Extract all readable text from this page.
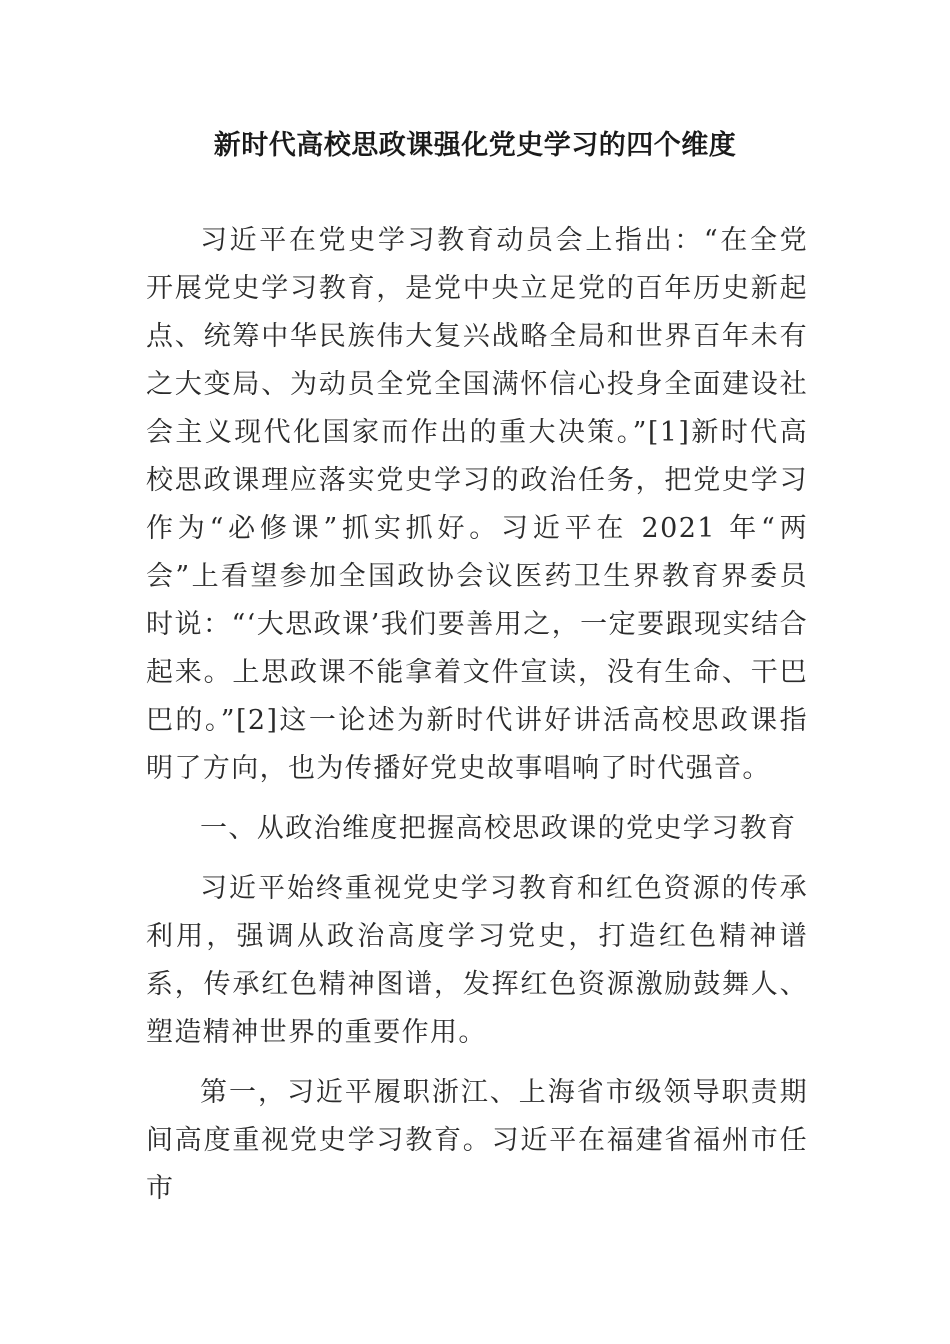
新时代高校思政课强化党史学习的四个维度

习近平在党史学习教育动员会上指出：“在全党开展党史学习教育，是党中央立足党的百年历史新起点、统筹中华民族伟大复兴战略全局和世界百年未有之大变局、为动员全党全国满怀信心投身全面建设社会主义现代化国家而作出的重大决策。”[1]新时代高校思政课理应落实党史学习的政治任务，把党史学习作为“必修课”抓实抓好。习近平在 2021 年“两会”上看望参加全国政协会议医药卫生界教育界委员时说：“‘大思政课’我们要善用之，一定要跟现实结合起来。上思政课不能拿着文件宣读，没有生命、干巴巴的。”[2]这一论述为新时代讲好讲活高校思政课指明了方向，也为传播好党史故事唱响了时代强音。

一、从政治维度把握高校思政课的党史学习教育

习近平始终重视党史学习教育和红色资源的传承利用，强调从政治高度学习党史，打造红色精神谱系，传承红色精神图谱，发挥红色资源激励鼓舞人、塑造精神世界的重要作用。

第一，习近平履职浙江、上海省市级领导职责期间高度重视党史学习教育。习近平在福建省福州市任市
